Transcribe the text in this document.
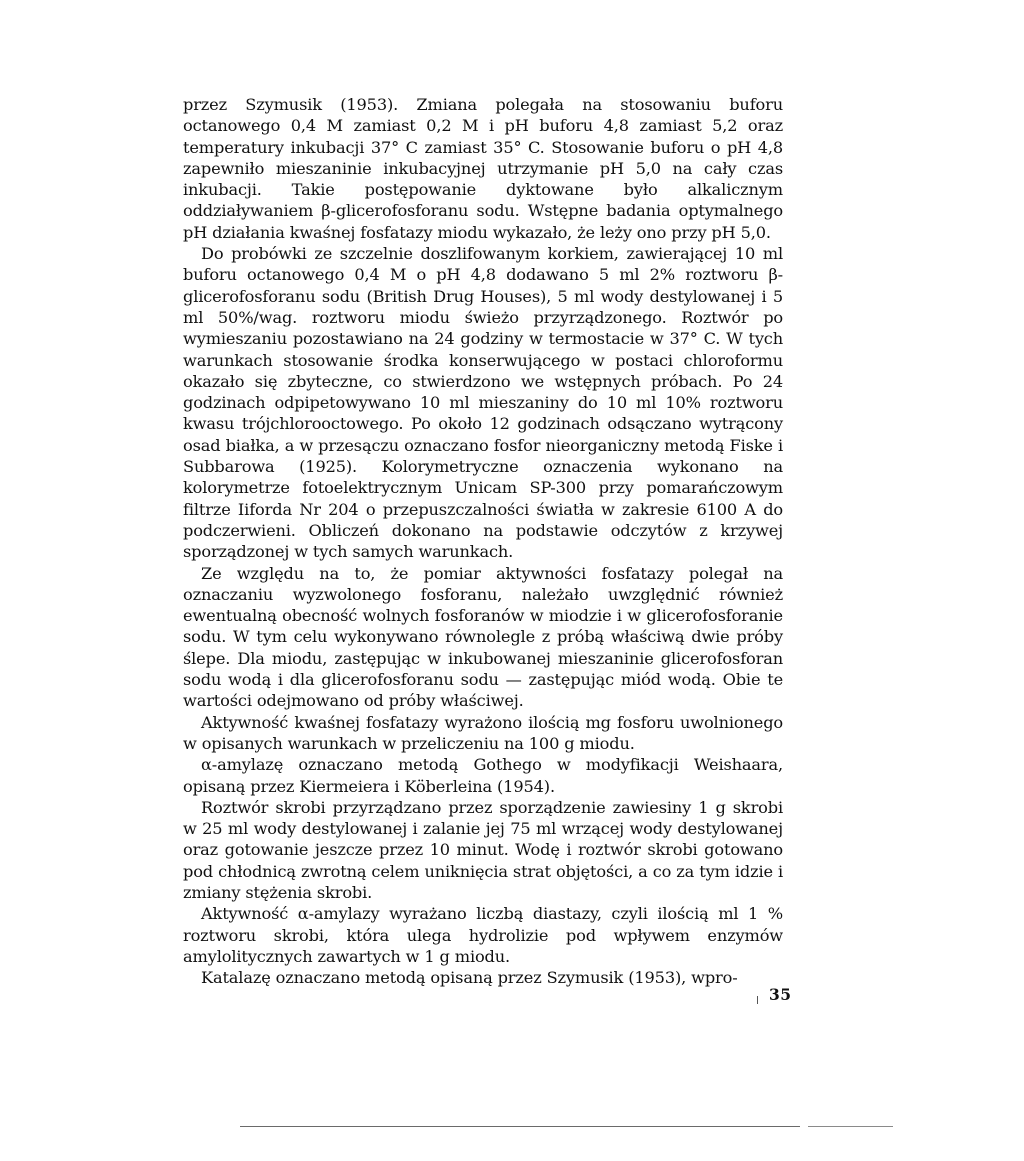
przez Szymusik (1953). Zmiana polegała na stosowaniu buforu octanowego 0,4 M zamiast 0,2 M i pH buforu 4,8 zamiast 5,2 oraz temperatury inkubacji 37° C zamiast 35° C. Stosowanie buforu o pH 4,8 zapewniło mieszaninie inkubacyjnej utrzymanie pH 5,0 na cały czas inkubacji. Takie postępowanie dyktowane było alkalicznym oddziaływaniem β-glicerofosforanu sodu. Wstępne badania optymalnego pH działania kwaśnej fosfatazy miodu wykazało, że leży ono przy pH 5,0.

Do probówki ze szczelnie doszlifowanym korkiem, zawierającej 10 ml buforu octanowego 0,4 M o pH 4,8 dodawano 5 ml 2% roztworu β-glicerofosforanu sodu (British Drug Houses), 5 ml wody destylowanej i 5 ml 50%/wag. roztworu miodu świeżo przyrządzonego. Roztwór po wymieszaniu pozostawiano na 24 godziny w termostacie w 37° C. W tych warunkach stosowanie środka konserwującego w postaci chloroformu okazało się zbyteczne, co stwierdzono we wstępnych próbach. Po 24 godzinach odpipetowywano 10 ml mieszaniny do 10 ml 10% roztworu kwasu trójchlorooctowego. Po około 12 godzinach odsączano wytrącony osad białka, a w przesączu oznaczano fosfor nieorganiczny metodą Fiske i Subbarowa (1925). Kolorymetryczne oznaczenia wykonano na kolorymetrze fotoelektrycznym Unicam SP-300 przy pomarańczowym filtrze Iiforda Nr 204 o przepuszczalności światła w zakresie 6100 A do podczerwieni. Obliczeń dokonano na podstawie odczytów z krzywej sporządzonej w tych samych warunkach.

Ze względu na to, że pomiar aktywności fosfatazy polegał na oznaczaniu wyzwolonego fosforanu, należało uwzględnić również ewentualną obecność wolnych fosforanów w miodzie i w glicerofosforanie sodu. W tym celu wykonywano równolegle z próbą właściwą dwie próby ślepe. Dla miodu, zastępując w inkubowanej mieszaninie glicerofosforan sodu wodą i dla glicerofosforanu sodu — zastępując miód wodą. Obie te wartości odejmowano od próby właściwej.

Aktywność kwaśnej fosfatazy wyrażono ilością mg fosforu uwolnionego w opisanych warunkach w przeliczeniu na 100 g miodu.

α-amylazę oznaczano metodą Gothego w modyfikacji Weishaara, opisaną przez Kiermeiera i Köberleina (1954).

Roztwór skrobi przyrządzano przez sporządzenie zawiesiny 1 g skrobi w 25 ml wody destylowanej i zalanie jej 75 ml wrzącej wody destylowanej oraz gotowanie jeszcze przez 10 minut. Wodę i roztwór skrobi gotowano pod chłodnicą zwrotną celem uniknięcia strat objętości, a co za tym idzie i zmiany stężenia skrobi.

Aktywność α-amylazy wyrażano liczbą diastazy, czyli ilością ml 1 % roztworu skrobi, która ulega hydrolizie pod wpływem enzymów amylolitycznych zawartych w 1 g miodu.

Katalazę oznaczano metodą opisaną przez Szymusik (1953), wpro-

35
